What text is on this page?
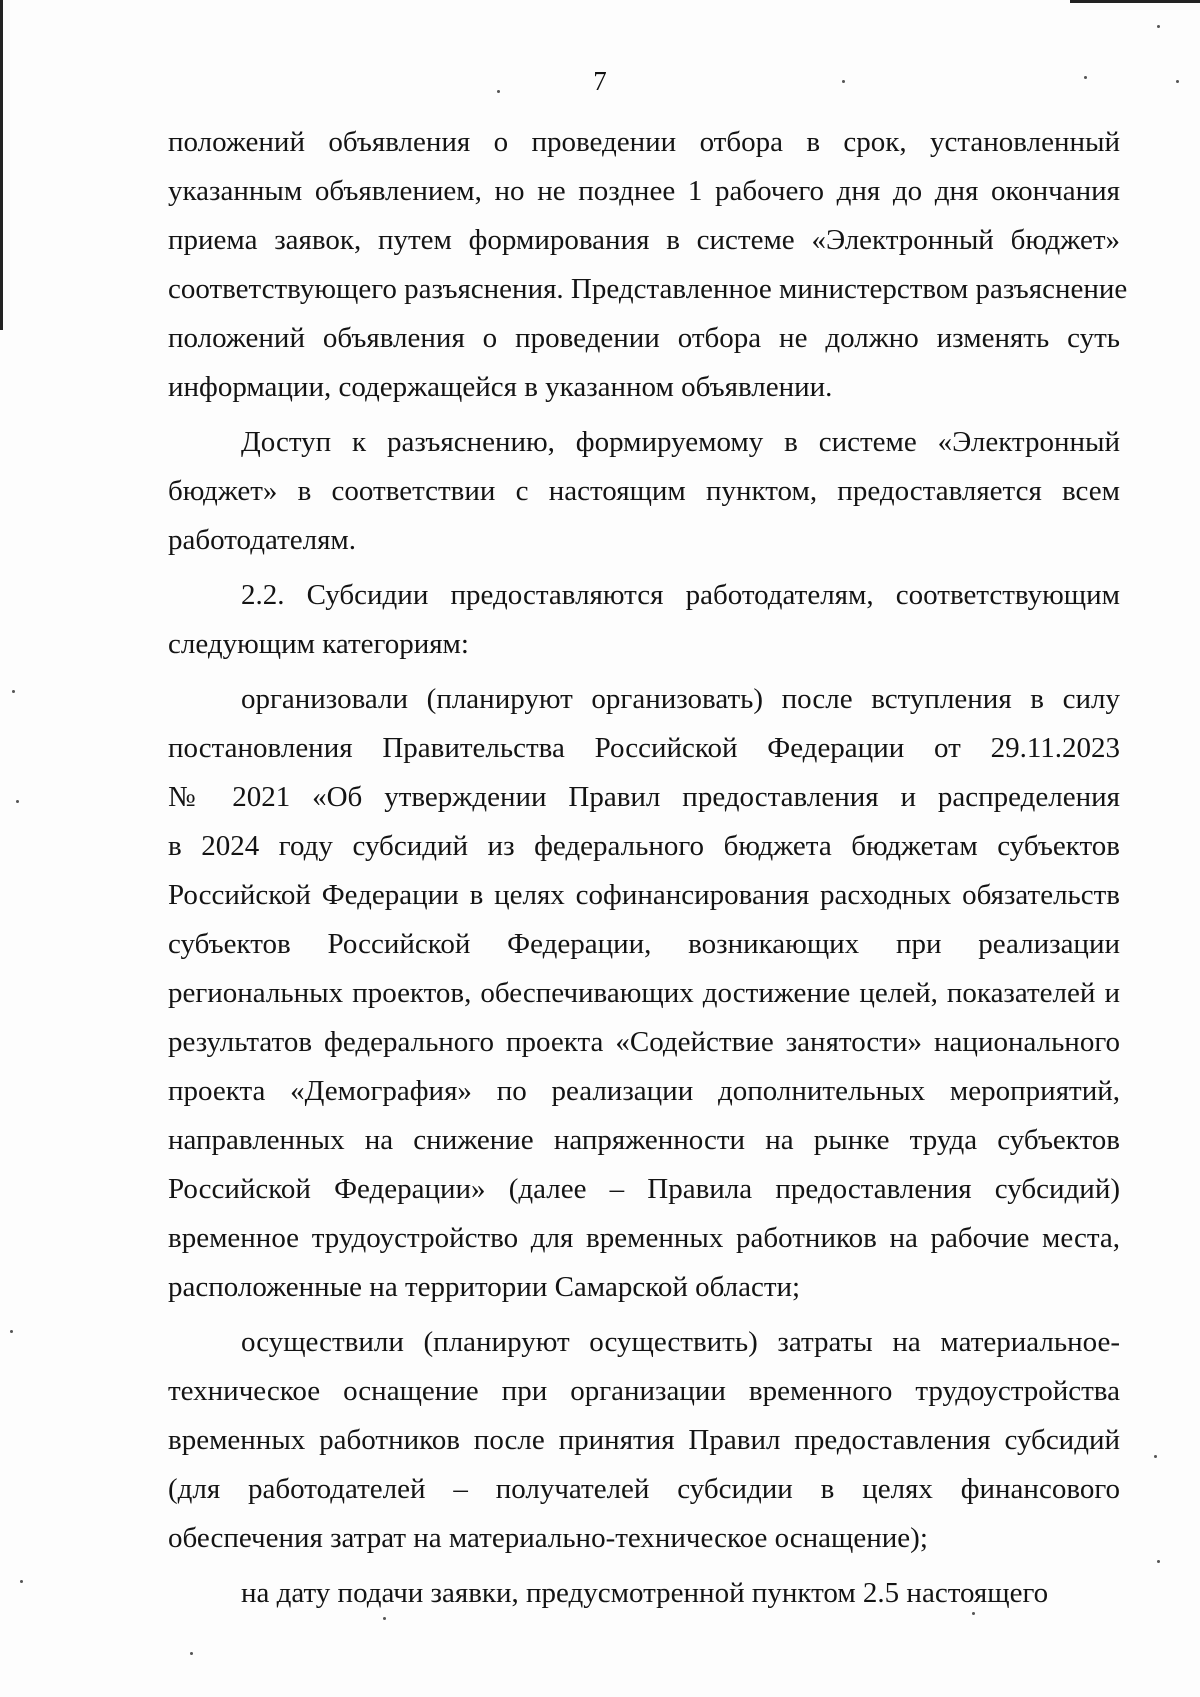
7
положений объявления о проведении отбора в срок, установленный
указанным объявлением, но не позднее 1 рабочего дня до дня окончания
приема заявок, путем формирования в системе «Электронный бюджет»
соответствующего разъяснения. Представленное министерством разъяснение
положений объявления о проведении отбора не должно изменять суть
информации, содержащейся в указанном объявлении.
Доступ к разъяснению, формируемому в системе «Электронный
бюджет» в соответствии с настоящим пунктом, предоставляется всем
работодателям.
2.2. Субсидии предоставляются работодателям, соответствующим
следующим категориям:
организовали (планируют организовать) после вступления в силу
постановления Правительства Российской Федерации от 29.11.2023
№ 2021 «Об утверждении Правил предоставления и распределения
в 2024 году субсидий из федерального бюджета бюджетам субъектов
Российской Федерации в целях софинансирования расходных обязательств
субъектов Российской Федерации, возникающих при реализации
региональных проектов, обеспечивающих достижение целей, показателей и
результатов федерального проекта «Содействие занятости» национального
проекта «Демография» по реализации дополнительных мероприятий,
направленных на снижение напряженности на рынке труда субъектов
Российской Федерации» (далее – Правила предоставления субсидий)
временное трудоустройство для временных работников на рабочие места,
расположенные на территории Самарской области;
осуществили (планируют осуществить) затраты на материальное-
техническое оснащение при организации временного трудоустройства
временных работников после принятия Правил предоставления субсидий
(для работодателей – получателей субсидии в целях финансового
обеспечения затрат на материально-техническое оснащение);
на дату подачи заявки, предусмотренной пунктом 2.5 настоящего
